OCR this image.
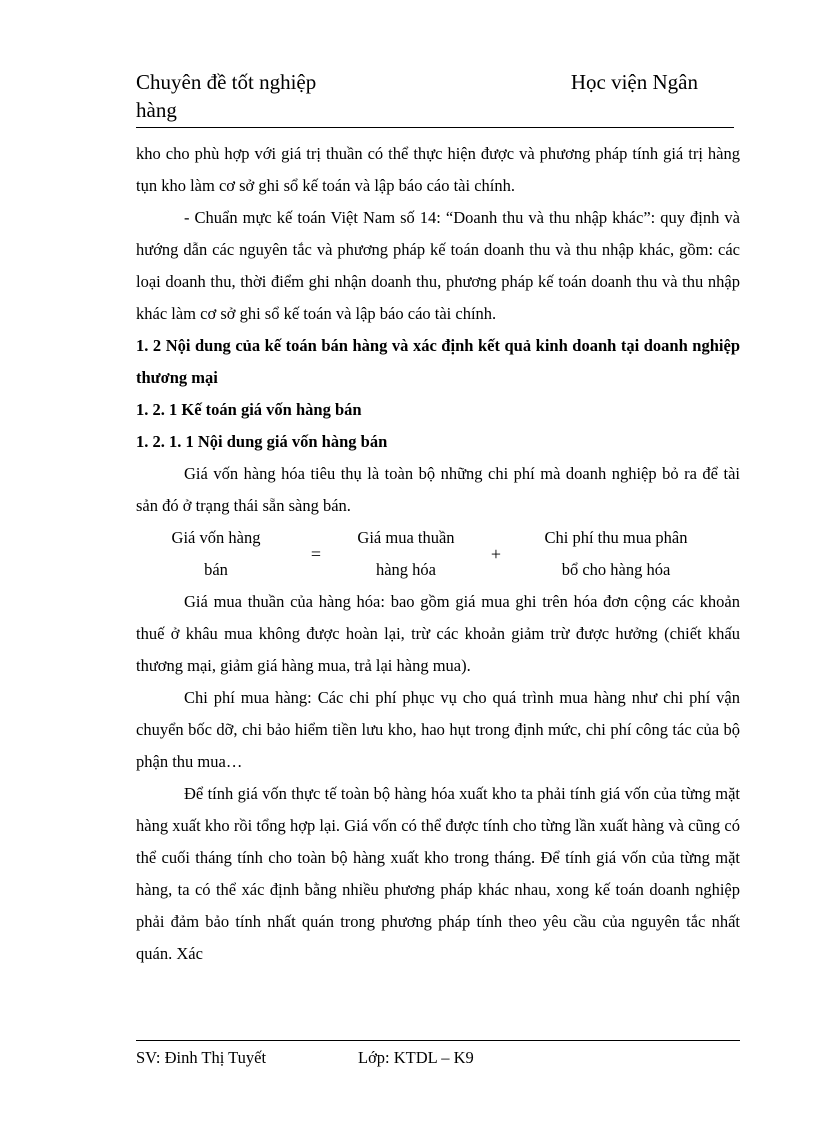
Chuyên đề tốt nghiệp	Học viện Ngân
hàng

kho cho phù hợp với giá trị thuần có thể thực hiện được và phương pháp tính giá trị hàng tụn kho làm cơ sở ghi sổ kế toán và lập báo cáo tài chính.

- Chuẩn mực kế toán Việt Nam số 14: “Doanh thu và thu nhập khác”: quy định và hướng dẫn các nguyên tắc và phương pháp kế toán doanh thu và thu nhập khác, gồm: các loại doanh thu, thời điểm ghi nhận doanh thu, phương pháp kế toán doanh thu và thu nhập khác làm cơ sở ghi sổ kế toán và lập báo cáo tài chính.

1. 2 Nội dung của kế toán bán hàng và xác định kết quả kinh doanh tại doanh nghiệp thương mại

1. 2. 1 Kế toán giá vốn hàng bán

1. 2. 1. 1 Nội dung giá vốn hàng bán

Giá vốn hàng hóa tiêu thụ là toàn bộ những chi phí mà doanh nghiệp bỏ ra để tài sản đó ở trạng thái sẵn sàng bán.

Giá vốn hàng
bán
=
Giá mua thuần
hàng hóa
+
Chi phí thu mua phân
bổ cho hàng hóa

Giá mua thuần của hàng hóa: bao gồm giá mua ghi trên hóa đơn cộng các khoản thuế ở khâu mua không được hoàn lại, trừ các khoản giảm trừ được hưởng (chiết khấu thương mại, giảm giá hàng mua, trả lại hàng mua).

Chi phí mua hàng: Các chi phí phục vụ cho quá trình mua hàng như chi phí vận chuyển bốc dỡ, chi bảo hiểm tiền lưu kho, hao hụt trong định mức, chi phí công tác của bộ phận thu mua…

Để tính giá vốn thực tế toàn bộ hàng hóa xuất kho ta phải tính giá vốn của từng mặt hàng xuất kho rồi tổng hợp lại. Giá vốn có thể được tính cho từng lần xuất hàng và cũng có thể cuối tháng tính cho toàn bộ hàng xuất kho trong tháng. Để tính giá vốn của từng mặt hàng, ta có thể xác định bằng nhiều phương pháp khác nhau, xong kế toán doanh nghiệp phải đảm bảo tính nhất quán trong phương pháp tính theo yêu cầu của nguyên tắc nhất quán. Xác

SV: Đinh Thị Tuyết	Lớp: KTDL – K9
